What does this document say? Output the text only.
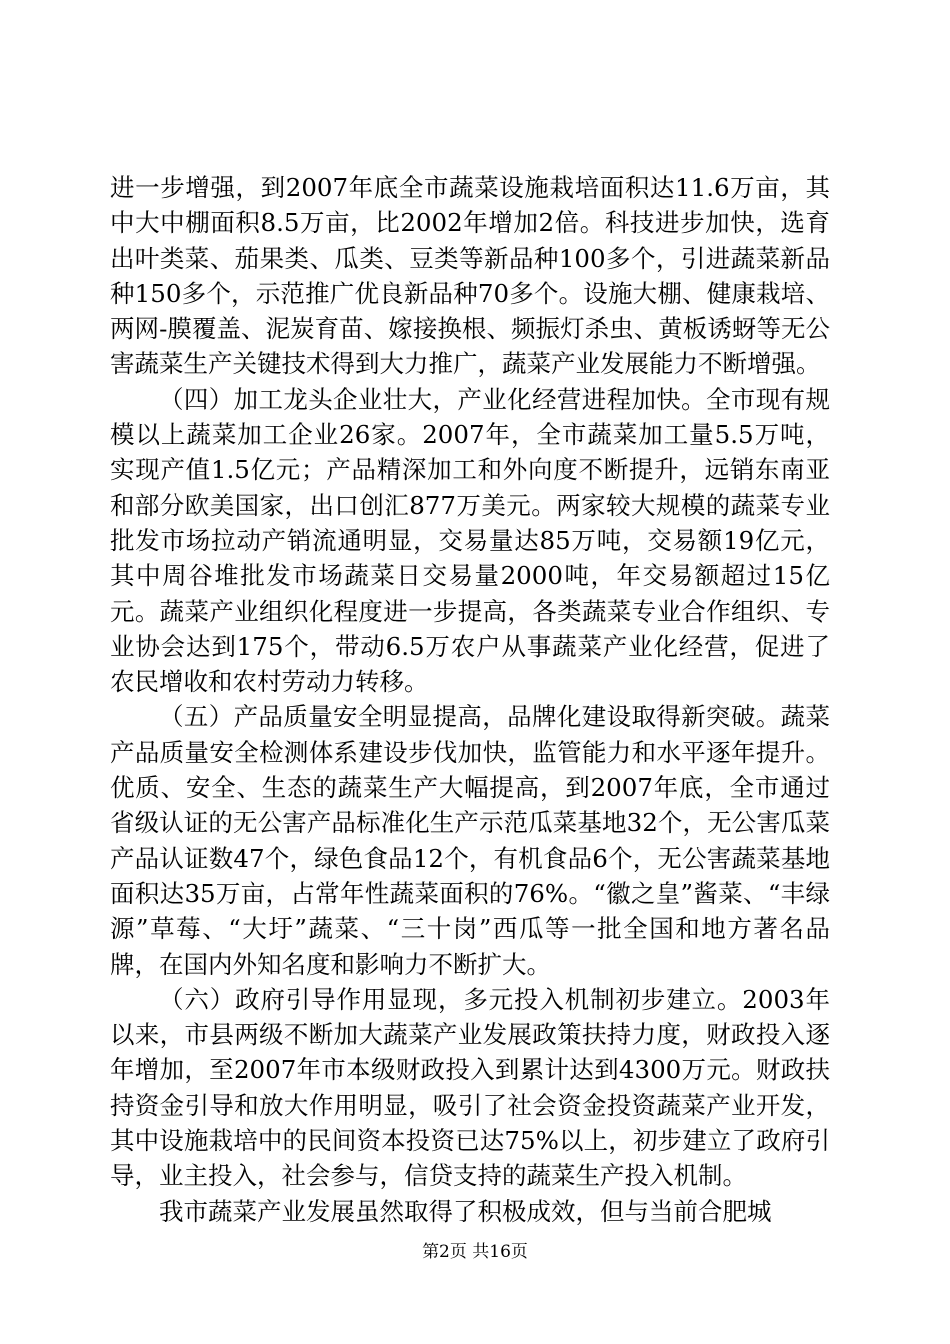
进一步增强，到2007年底全市蔬菜设施栽培面积达11.6万亩，其中大中棚面积8.5万亩，比2002年增加2倍。科技进步加快，选育出叶类菜、茄果类、瓜类、豆类等新品种100多个，引进蔬菜新品种150多个，示范推广优良新品种70多个。设施大棚、健康栽培、两网-膜覆盖、泥炭育苗、嫁接换根、频振灯杀虫、黄板诱蚜等无公害蔬菜生产关键技术得到大力推广，蔬菜产业发展能力不断增强。

（四）加工龙头企业壮大，产业化经营进程加快。全市现有规模以上蔬菜加工企业26家。2007年，全市蔬菜加工量5.5万吨，实现产值1.5亿元；产品精深加工和外向度不断提升，远销东南亚和部分欧美国家，出口创汇877万美元。两家较大规模的蔬菜专业批发市场拉动产销流通明显，交易量达85万吨，交易额19亿元，其中周谷堆批发市场蔬菜日交易量2000吨，年交易额超过15亿元。蔬菜产业组织化程度进一步提高，各类蔬菜专业合作组织、专业协会达到175个，带动6.5万农户从事蔬菜产业化经营，促进了农民增收和农村劳动力转移。

（五）产品质量安全明显提高，品牌化建设取得新突破。蔬菜产品质量安全检测体系建设步伐加快，监管能力和水平逐年提升。优质、安全、生态的蔬菜生产大幅提高，到2007年底，全市通过省级认证的无公害产品标准化生产示范瓜菜基地32个，无公害瓜菜产品认证数47个，绿色食品12个，有机食品6个，无公害蔬菜基地面积达35万亩，占常年性蔬菜面积的76%。“徽之皇”酱菜、“丰绿源”草莓、“大圩”蔬菜、“三十岗”西瓜等一批全国和地方著名品牌，在国内外知名度和影响力不断扩大。

（六）政府引导作用显现，多元投入机制初步建立。2003年以来，市县两级不断加大蔬菜产业发展政策扶持力度，财政投入逐年增加，至2007年市本级财政投入到累计达到4300万元。财政扶持资金引导和放大作用明显，吸引了社会资金投资蔬菜产业开发，其中设施栽培中的民间资本投资已达75%以上，初步建立了政府引导，业主投入，社会参与，信贷支持的蔬菜生产投入机制。

我市蔬菜产业发展虽然取得了积极成效，但与当前合肥城

第2页 共16页
